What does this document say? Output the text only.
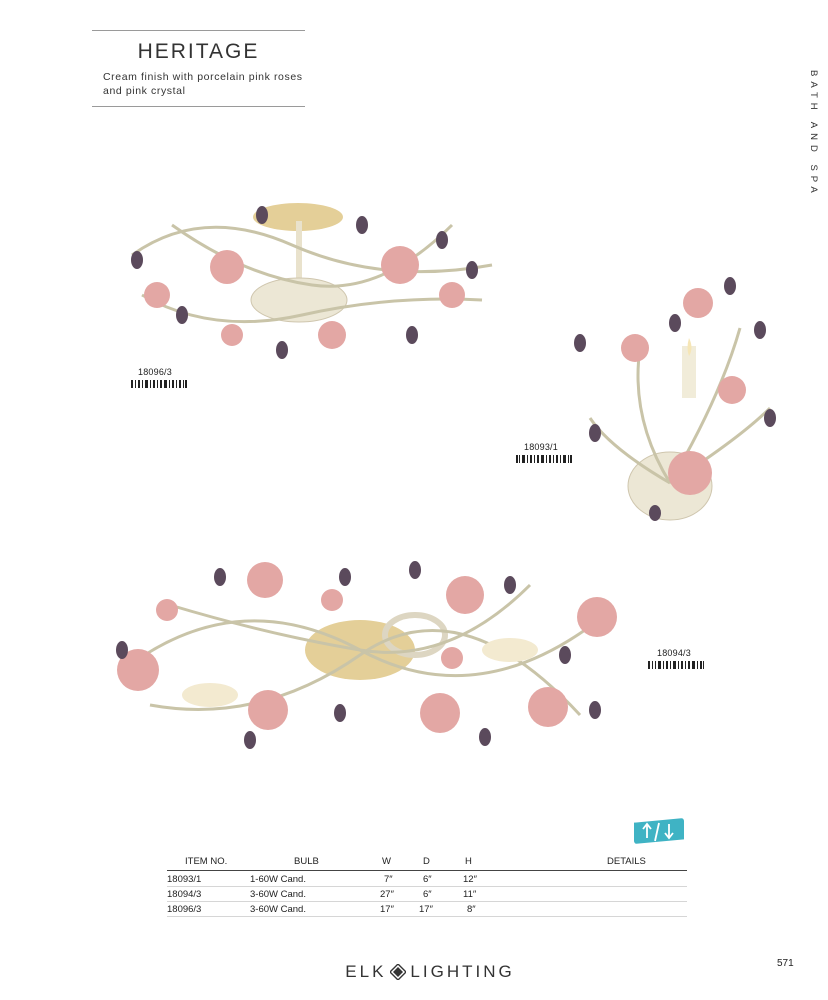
HERITAGE
Cream finish with porcelain pink roses and pink crystal	BATH AND SPA
18096/3
18093/1
18094/3
ITEM NO.	BULB	W	D	H	DETAILS
18093/1	1-60W Cand.	7″	6″	12″	
18094/3	3-60W Cand.	27″	6″	11″	
18096/3	3-60W Cand.	17″	17″	8″	
ELK LIGHTING	571
